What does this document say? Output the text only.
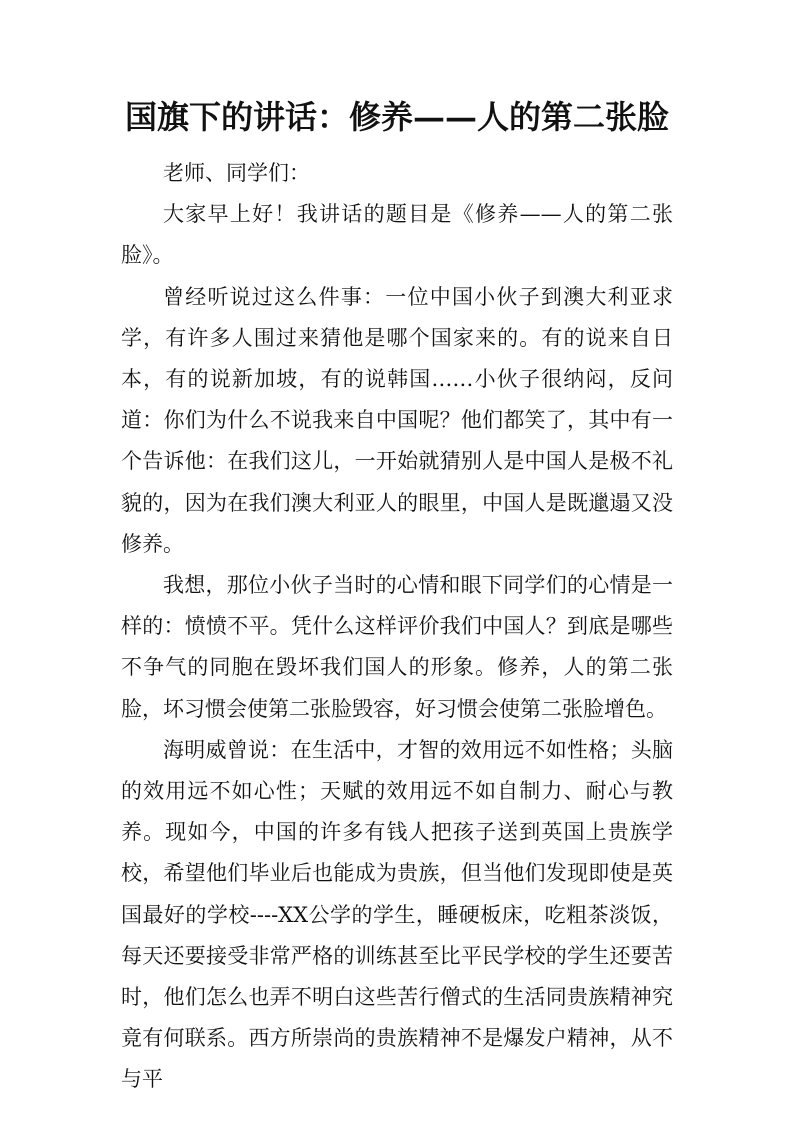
国旗下的讲话：修养——人的第二张脸

老师、同学们：

大家早上好！我讲话的题目是《修养——人的第二张脸》。

曾经听说过这么件事：一位中国小伙子到澳大利亚求学，有许多人围过来猜他是哪个国家来的。有的说来自日本，有的说新加坡，有的说韩国……小伙子很纳闷，反问道：你们为什么不说我来自中国呢？他们都笑了，其中有一个告诉他：在我们这儿，一开始就猜别人是中国人是极不礼貌的，因为在我们澳大利亚人的眼里，中国人是既邋遢又没修养。

我想，那位小伙子当时的心情和眼下同学们的心情是一样的：愤愤不平。凭什么这样评价我们中国人？到底是哪些不争气的同胞在毁坏我们国人的形象。修养，人的第二张脸，坏习惯会使第二张脸毁容，好习惯会使第二张脸增色。

海明威曾说：在生活中，才智的效用远不如性格；头脑的效用远不如心性；天赋的效用远不如自制力、耐心与教养。现如今，中国的许多有钱人把孩子送到英国上贵族学校，希望他们毕业后也能成为贵族，但当他们发现即使是英国最好的学校----XX公学的学生，睡硬板床，吃粗茶淡饭，每天还要接受非常严格的训练甚至比平民学校的学生还要苦时，他们怎么也弄不明白这些苦行僧式的生活同贵族精神究竟有何联系。西方所崇尚的贵族精神不是爆发户精神，从不与平
